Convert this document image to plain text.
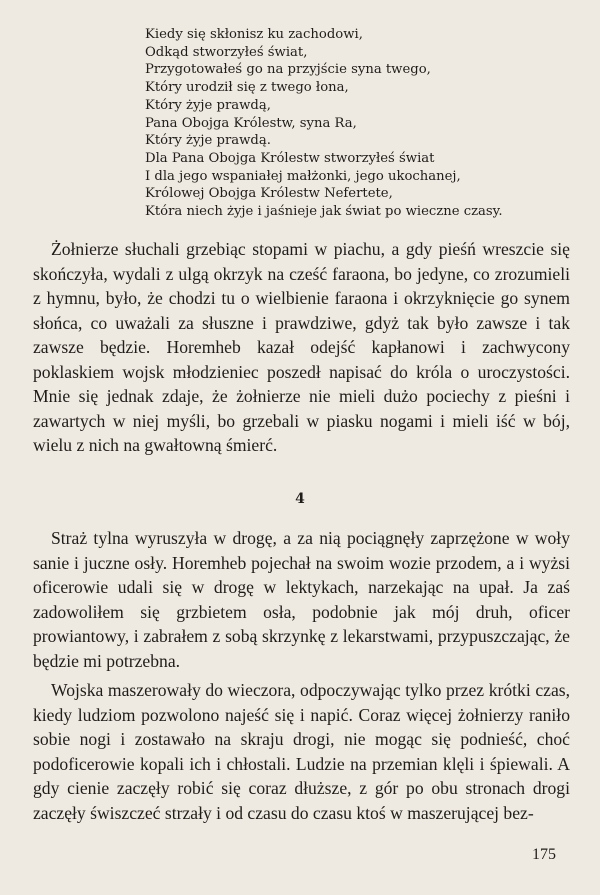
Kiedy się skłonisz ku zachodowi,
Odkąd stworzyłeś świat,
Przygotowałeś go na przyjście syna twego,
Który urodził się z twego łona,
Który żyje prawdą,
Pana Obojga Królestw, syna Ra,
Który żyje prawdą.
Dla Pana Obojga Królestw stworzyłeś świat
I dla jego wspaniałej małżonki, jego ukochanej,
Królowej Obojga Królestw Nefertete,
Która niech żyje i jaśnieje jak świat po wieczne czasy.

Żołnierze słuchali grzebiąc stopami w piachu, a gdy pieśń wreszcie się skończyła, wydali z ulgą okrzyk na cześć faraona, bo jedyne, co zrozumieli z hymnu, było, że chodzi tu o wielbienie faraona i okrzyknięcie go synem słońca, co uważali za słuszne i prawdziwe, gdyż tak było zawsze i tak zawsze będzie. Horemheb kazał odejść kapłanowi i zachwycony poklaskiem wojsk młodzieniec poszedł napisać do króla o uroczystości. Mnie się jednak zdaje, że żołnierze nie mieli dużo pociechy z pieśni i zawartych w niej myśli, bo grzebali w piasku nogami i mieli iść w bój, wielu z nich na gwałtowną śmierć.

4

Straż tylna wyruszyła w drogę, a za nią pociągnęły zaprzężone w woły sanie i juczne osły. Horemheb pojechał na swoim wozie przodem, a i wyżsi oficerowie udali się w drogę w lektykach, narzekając na upał. Ja zaś zadowoliłem się grzbietem osła, podobnie jak mój druh, oficer prowiantowy, i zabrałem z sobą skrzynkę z lekarstwami, przypuszczając, że będzie mi potrzebna.

Wojska maszerowały do wieczora, odpoczywając tylko przez krótki czas, kiedy ludziom pozwolono najeść się i napić. Coraz więcej żołnierzy raniło sobie nogi i zostawało na skraju drogi, nie mogąc się podnieść, choć podoficerowie kopali ich i chłostali. Ludzie na przemian klęli i śpiewali. A gdy cienie zaczęły robić się coraz dłuższe, z gór po obu stronach drogi zaczęły świszczeć strzały i od czasu do czasu ktoś w maszerującej bez-

175
